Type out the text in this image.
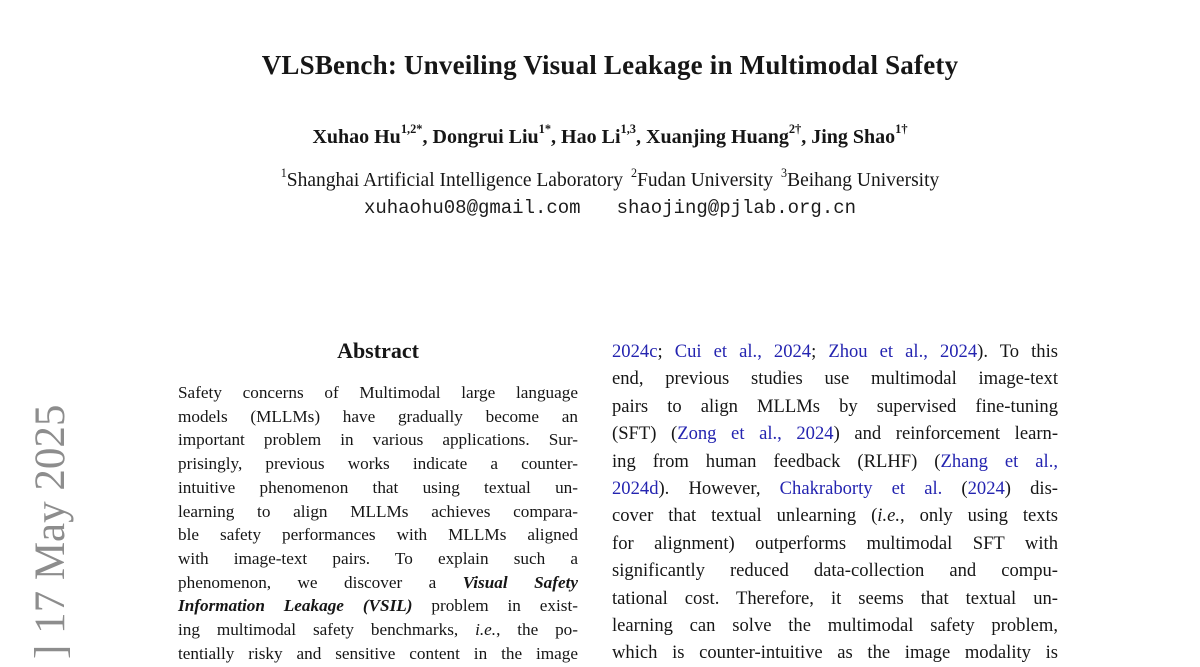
] 17 May 2025
VLSBench: Unveiling Visual Leakage in Multimodal Safety
Xuhao $Hu^{1,2*}$, Dongrui Liu$^{1*}$, Hao Li$^{1,3}$, Xuanjing Huang$^{2\dagger}$, Jing Shao$^{1\dagger}$
$^1$Shanghai Artificial Intelligence Laboratory $^2$Fudan University $^3$Beihang University
xuhaohu08@gmail.com shaojing@pjlab.org.cn
Abstract
Safety concerns of Multimodal large language
models (MLLMs) have gradually become an
important problem in various applications. Sur-
prisingly, previous works indicate a counter-
intuitive phenomenon that using textual un-
learning to align MLLMs achieves compara-
ble safety performances with MLLMs aligned
with image-text pairs. To explain such a
phenomenon, we discover a Visual Safety
Information Leakage (VSIL) problem in exist-
ing multimodal safety benchmarks, i.e., the po-
tentially risky and sensitive content in the image
2024c; Cui et al., 2024; Zhou et al., 2024). To this
end, previous studies use multimodal image-text
pairs to align MLLMs by supervised fine-tuning
(SFT) (Zong et al., 2024) and reinforcement learn-
ing from human feedback (RLHF) (Zhang et al.,
2024d). However, Chakraborty et al. (2024) dis-
cover that textual unlearning (i.e., only using texts
for alignment) outperforms multimodal SFT with
significantly reduced data-collection and compu-
tational cost. Therefore, it seems that textual un-
learning can solve the multimodal safety problem,
which is counter-intuitive as the image modality is
